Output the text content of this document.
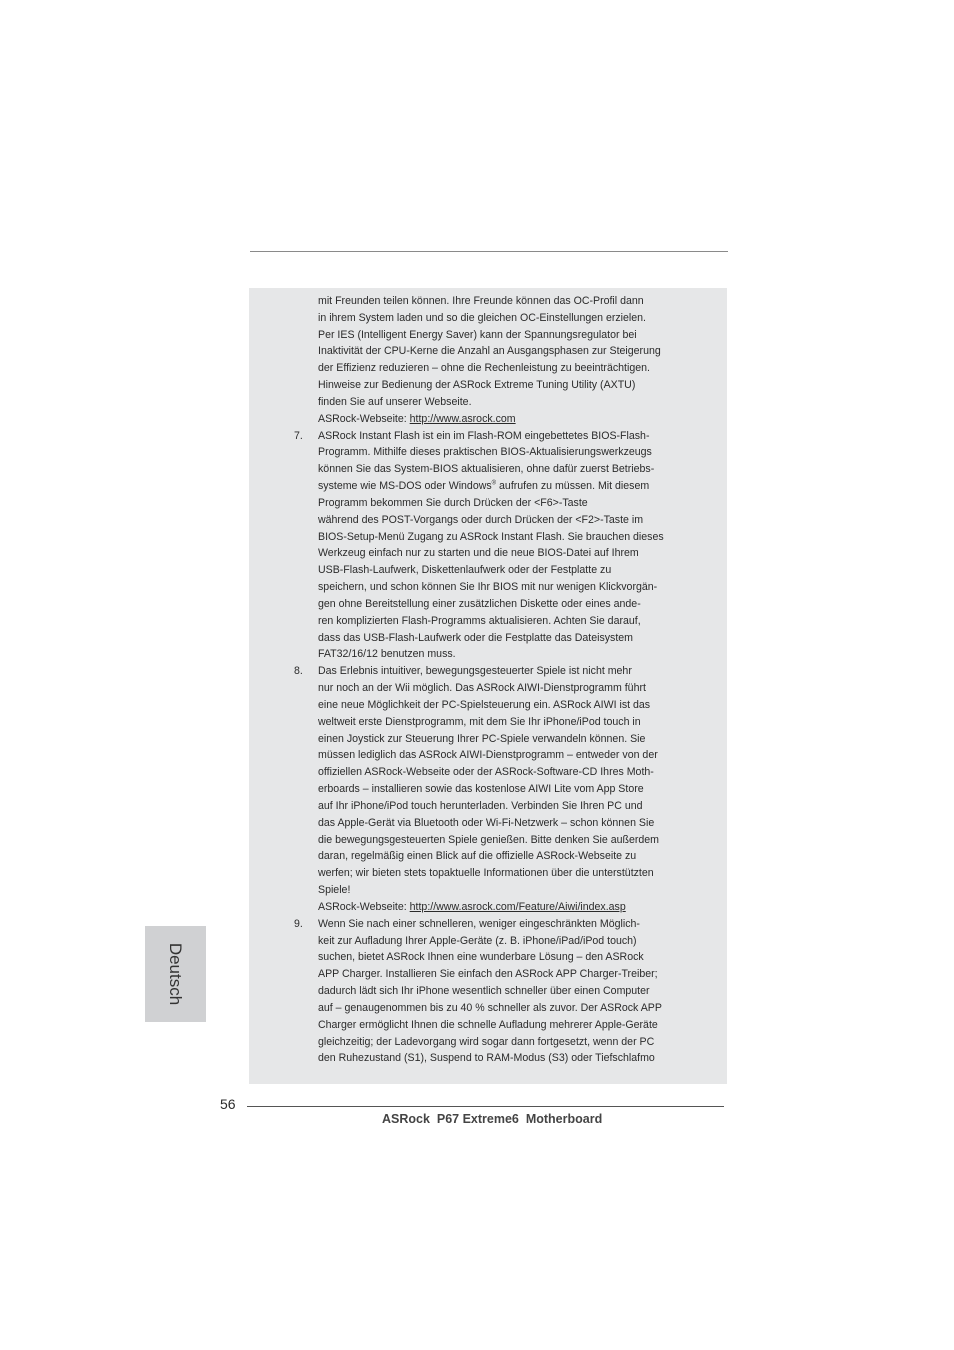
mit Freunden teilen können. Ihre Freunde können das OC-Profil dann
in ihrem System laden und so die gleichen OC-Einstellungen erzielen.
Per IES (Intelligent Energy Saver) kann der Spannungsregulator bei
Inaktivität der CPU-Kerne die Anzahl an Ausgangsphasen zur Steigerung
der Effizienz reduzieren – ohne die Rechenleistung zu beeinträchtigen.
Hinweise zur Bedienung der ASRock Extreme Tuning Utility (AXTU)
finden Sie auf unserer Webseite.
ASRock-Webseite: http://www.asrock.com
7. ASRock Instant Flash ist ein im Flash-ROM eingebettetes BIOS-Flash-
Programm. Mithilfe dieses praktischen BIOS-Aktualisierungswerkzeugs
können Sie das System-BIOS aktualisieren, ohne dafür zuerst Betriebs-
systeme wie MS-DOS oder Windows® aufrufen zu müssen. Mit diesem
Programm bekommen Sie durch Drücken der <F6>-Taste
während des POST-Vorgangs oder durch Drücken der <F2>-Taste im
BIOS-Setup-Menü Zugang zu ASRock Instant Flash. Sie brauchen dieses
Werkzeug einfach nur zu starten und die neue BIOS-Datei auf Ihrem
USB-Flash-Laufwerk, Diskettenlaufwerk oder der Festplatte zu
speichern, und schon können Sie Ihr BIOS mit nur wenigen Klickvorgän-
gen ohne Bereitstellung einer zusätzlichen Diskette oder eines ande-
ren komplizierten Flash-Programms aktualisieren. Achten Sie darauf,
dass das USB-Flash-Laufwerk oder die Festplatte das Dateisystem
FAT32/16/12 benutzen muss.
8. Das Erlebnis intuitiver, bewegungsgesteuerter Spiele ist nicht mehr
nur noch an der Wii möglich. Das ASRock AIWI-Dienstprogramm führt
eine neue Möglichkeit der PC-Spielsteuerung ein. ASRock AIWI ist das
weltweit erste Dienstprogramm, mit dem Sie Ihr iPhone/iPod touch in
einen Joystick zur Steuerung Ihrer PC-Spiele verwandeln können. Sie
müssen lediglich das ASRock AIWI-Dienstprogramm – entweder von der
offiziellen ASRock-Webseite oder der ASRock-Software-CD Ihres Moth-
erboards – installieren sowie das kostenlose AIWI Lite vom App Store
auf Ihr iPhone/iPod touch herunterladen. Verbinden Sie Ihren PC und
das Apple-Gerät via Bluetooth oder Wi-Fi-Netzwerk – schon können Sie
die bewegungsgesteuerten Spiele genießen. Bitte denken Sie außerdem
daran, regelmäßig einen Blick auf die offizielle ASRock-Webseite zu
werfen; wir bieten stets topaktuelle Informationen über die unterstützten
Spiele!
ASRock-Webseite: http://www.asrock.com/Feature/Aiwi/index.asp
9. Wenn Sie nach einer schnelleren, weniger eingeschränkten Möglich-
keit zur Aufladung Ihrer Apple-Geräte (z. B. iPhone/iPad/iPod touch)
suchen, bietet ASRock Ihnen eine wunderbare Lösung – den ASRock
APP Charger. Installieren Sie einfach den ASRock APP Charger-Treiber;
dadurch lädt sich Ihr iPhone wesentlich schneller über einen Computer
auf – genaugenommen bis zu 40 % schneller als zuvor. Der ASRock APP
Charger ermöglicht Ihnen die schnelle Aufladung mehrerer Apple-Geräte
gleichzeitig; der Ladevorgang wird sogar dann fortgesetzt, wenn der PC
den Ruhezustand (S1), Suspend to RAM-Modus (S3) oder Tiefschlafmo
Deutsch
56
ASRock  P67 Extreme6  Motherboard
